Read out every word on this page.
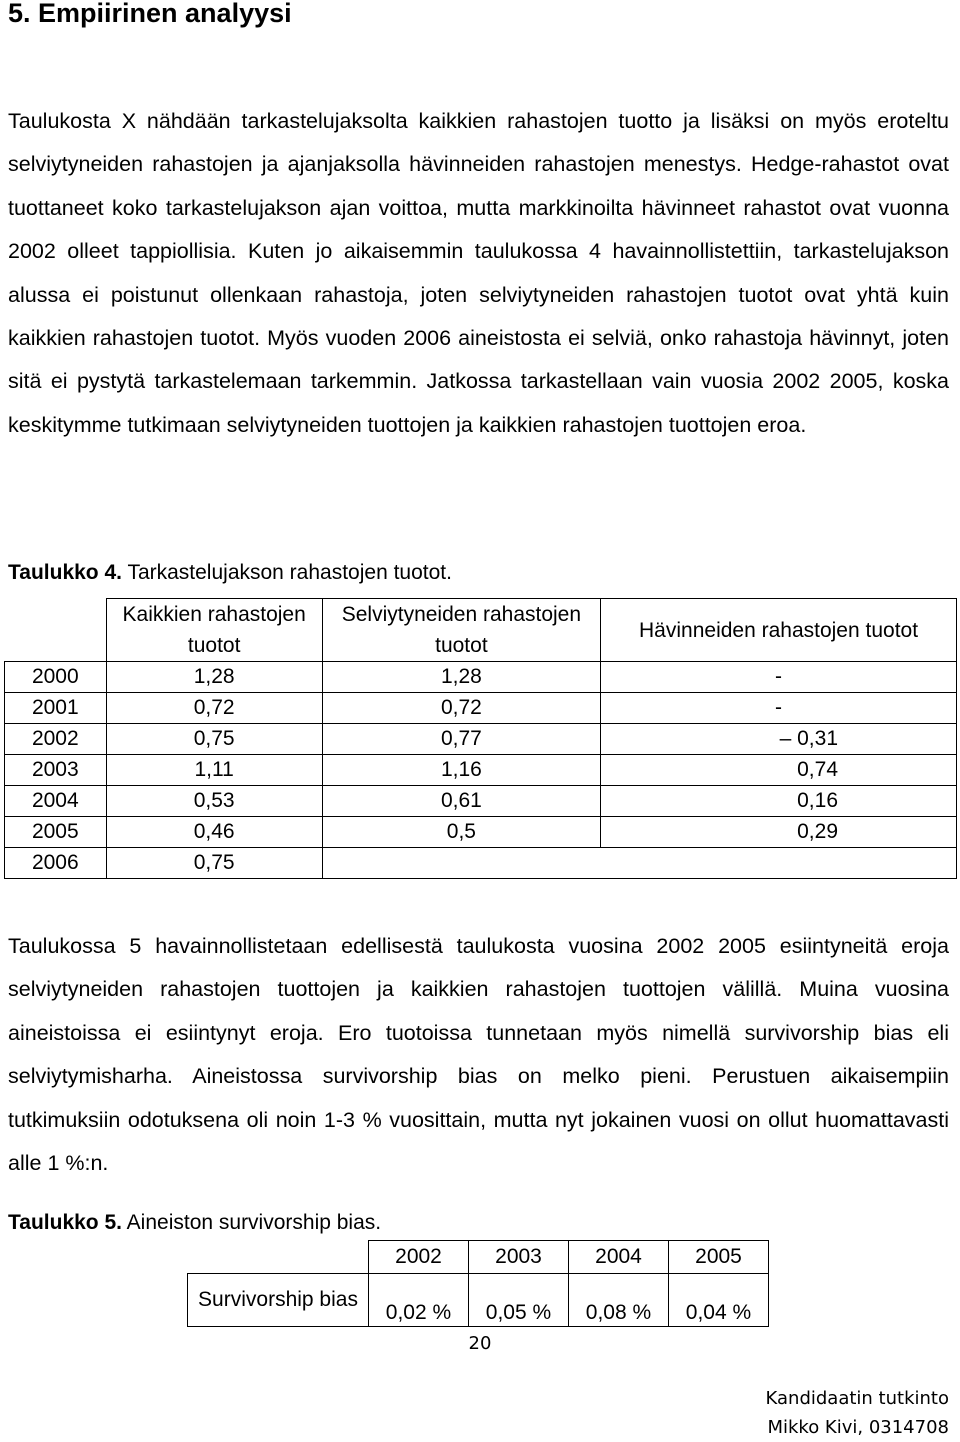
5. Empiirinen analyysi

Taulukosta X nähdään tarkastelujaksolta kaikkien rahastojen tuotto ja lisäksi on myös eroteltu selviytyneiden rahastojen ja ajanjaksolla hävinneiden rahastojen menestys. Hedge-rahastot ovat tuottaneet koko tarkastelujakson ajan voittoa, mutta markkinoilta hävinneet rahastot ovat vuonna 2002 olleet tappiollisia. Kuten jo aikaisemmin taulukossa 4 havainnollistettiin, tarkastelujakson alussa ei poistunut ollenkaan rahastoja, joten selviytyneiden rahastojen tuotot ovat yhtä kuin kaikkien rahastojen tuotot. Myös vuoden 2006 aineistosta ei selviä, onko rahastoja hävinnyt, joten sitä ei pystytä tarkastelemaan tarkemmin. Jatkossa tarkastellaan vain vuosia 2002 2005, koska keskitymme tutkimaan selviytyneiden tuottojen ja kaikkien rahastojen tuottojen eroa.

Taulukko 4. Tarkastelujakson rahastojen tuotot.

	Kaikkien rahastojen tuotot	Selviytyneiden rahastojen tuotot	Hävinneiden rahastojen tuotot
2000	1,28	1,28	-
2001	0,72	0,72	-
2002	0,75	0,77	– 0,31
2003	1,11	1,16	0,74
2004	0,53	0,61	0,16
2005	0,46	0,5	0,29
2006	0,75		

Taulukossa 5 havainnollistetaan edellisestä taulukosta vuosina 2002 2005 esiintyneitä eroja selviytyneiden rahastojen tuottojen ja kaikkien rahastojen tuottojen välillä. Muina vuosina aineistoissa ei esiintynyt eroja. Ero tuotoissa tunnetaan myös nimellä survivorship bias eli selviytymisharha. Aineistossa survivorship bias on melko pieni. Perustuen aikaisempiin tutkimuksiin odotuksena oli noin 1-3 % vuosittain, mutta nyt jokainen vuosi on ollut huomattavasti alle 1 %:n.

Taulukko 5. Aineiston survivorship bias.

	2002	2003	2004	2005
Survivorship bias	0,02 %	0,05 %	0,08 %	0,04 %
20
Kandidaatin tutkinto
Mikko Kivi, 0314708
